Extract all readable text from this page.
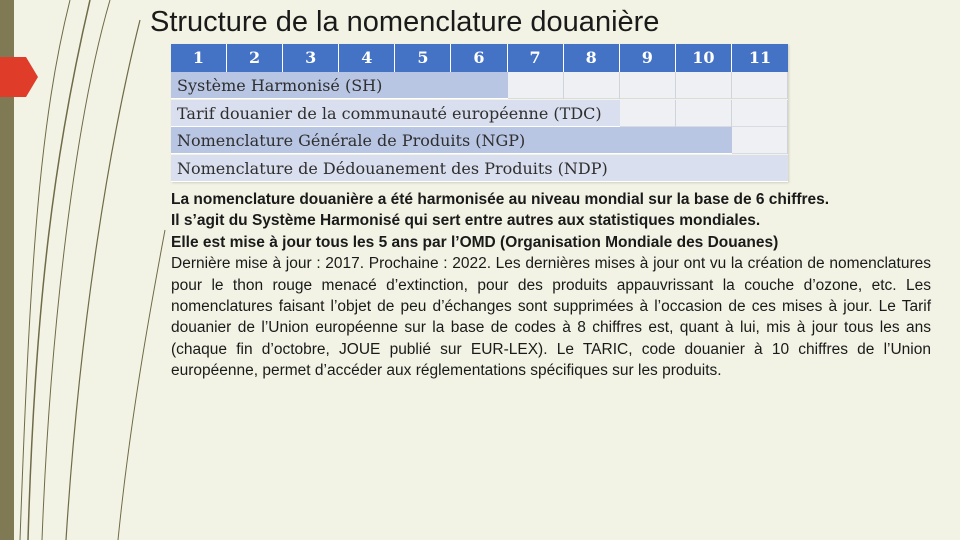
Structure de la nomenclature douanière
1	2	3	4	5	6	7	8	9	10	11
Système Harmonisé (SH)
Tarif douanier de la communauté européenne (TDC)
Nomenclature Générale de Produits (NGP)
Nomenclature de Dédouanement des Produits (NDP)

La nomenclature douanière a été harmonisée au niveau mondial sur la base de 6 chiffres.

Il s’agit du Système Harmonisé qui sert entre autres aux statistiques mondiales.

Elle est mise à jour tous les 5 ans par l’OMD (Organisation Mondiale des Douanes)

Dernière mise à jour : 2017. Prochaine : 2022. Les dernières mises à jour ont vu la création de nomenclatures pour le thon rouge menacé d’extinction, pour des produits appauvrissant la couche d’ozone, etc. Les nomenclatures faisant l’objet de peu d’échanges sont supprimées à l’occasion de ces mises à jour. Le Tarif douanier de l’Union européenne sur la base de codes à 8 chiffres est, quant à lui, mis à jour tous les ans (chaque fin d’octobre, JOUE publié sur EUR-LEX). Le TARIC, code douanier à 10 chiffres de l’Union européenne, permet d’accéder aux réglementations spécifiques sur les produits.
